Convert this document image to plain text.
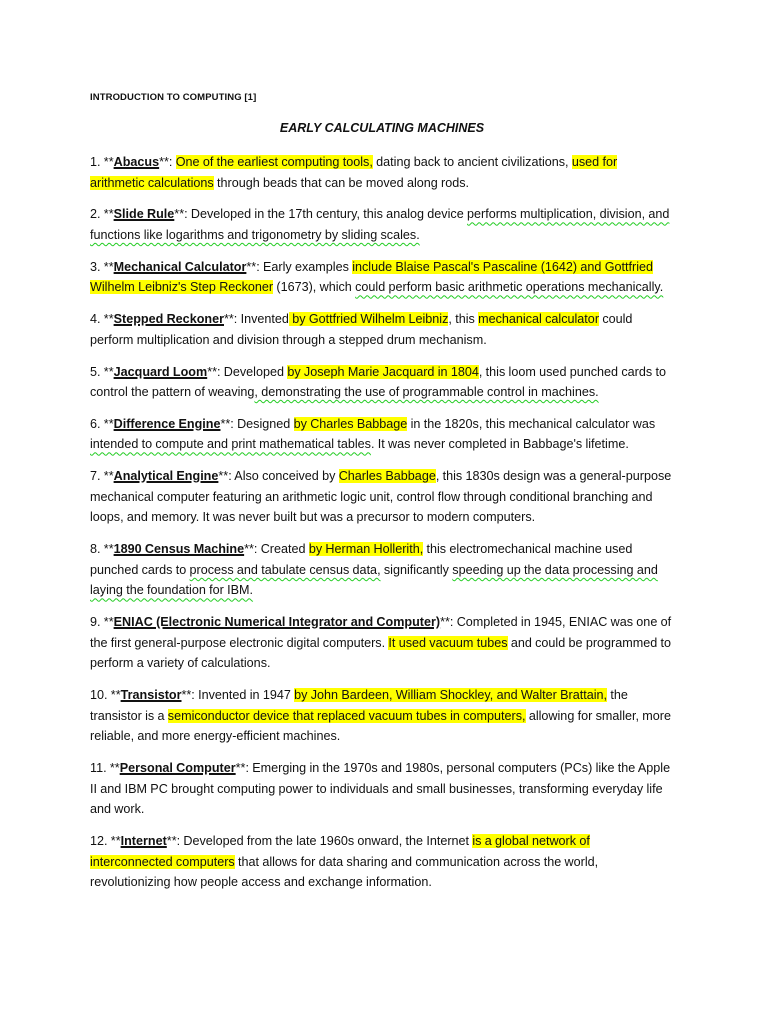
INTRODUCTION TO COMPUTING [1]
EARLY CALCULATING MACHINES

1. **Abacus**: One of the earliest computing tools, dating back to ancient civilizations, used for arithmetic calculations through beads that can be moved along rods.

2. **Slide Rule**: Developed in the 17th century, this analog device performs multiplication, division, and functions like logarithms and trigonometry by sliding scales.

3. **Mechanical Calculator**: Early examples include Blaise Pascal's Pascaline (1642) and Gottfried Wilhelm Leibniz's Step Reckoner (1673), which could perform basic arithmetic operations mechanically.

4. **Stepped Reckoner**: Invented by Gottfried Wilhelm Leibniz, this mechanical calculator could perform multiplication and division through a stepped drum mechanism.

5. **Jacquard Loom**: Developed by Joseph Marie Jacquard in 1804, this loom used punched cards to control the pattern of weaving, demonstrating the use of programmable control in machines.

6. **Difference Engine**: Designed by Charles Babbage in the 1820s, this mechanical calculator was intended to compute and print mathematical tables. It was never completed in Babbage's lifetime.

7. **Analytical Engine**: Also conceived by Charles Babbage, this 1830s design was a general-purpose mechanical computer featuring an arithmetic logic unit, control flow through conditional branching and loops, and memory. It was never built but was a precursor to modern computers.

8. **1890 Census Machine**: Created by Herman Hollerith, this electromechanical machine used punched cards to process and tabulate census data, significantly speeding up the data processing and laying the foundation for IBM.

9. **ENIAC (Electronic Numerical Integrator and Computer)**: Completed in 1945, ENIAC was one of the first general-purpose electronic digital computers. It used vacuum tubes and could be programmed to perform a variety of calculations.

10. **Transistor**: Invented in 1947 by John Bardeen, William Shockley, and Walter Brattain, the transistor is a semiconductor device that replaced vacuum tubes in computers, allowing for smaller, more reliable, and more energy-efficient machines.

11. **Personal Computer**: Emerging in the 1970s and 1980s, personal computers (PCs) like the Apple II and IBM PC brought computing power to individuals and small businesses, transforming everyday life and work.

12. **Internet**: Developed from the late 1960s onward, the Internet is a global network of interconnected computers that allows for data sharing and communication across the world, revolutionizing how people access and exchange information.
